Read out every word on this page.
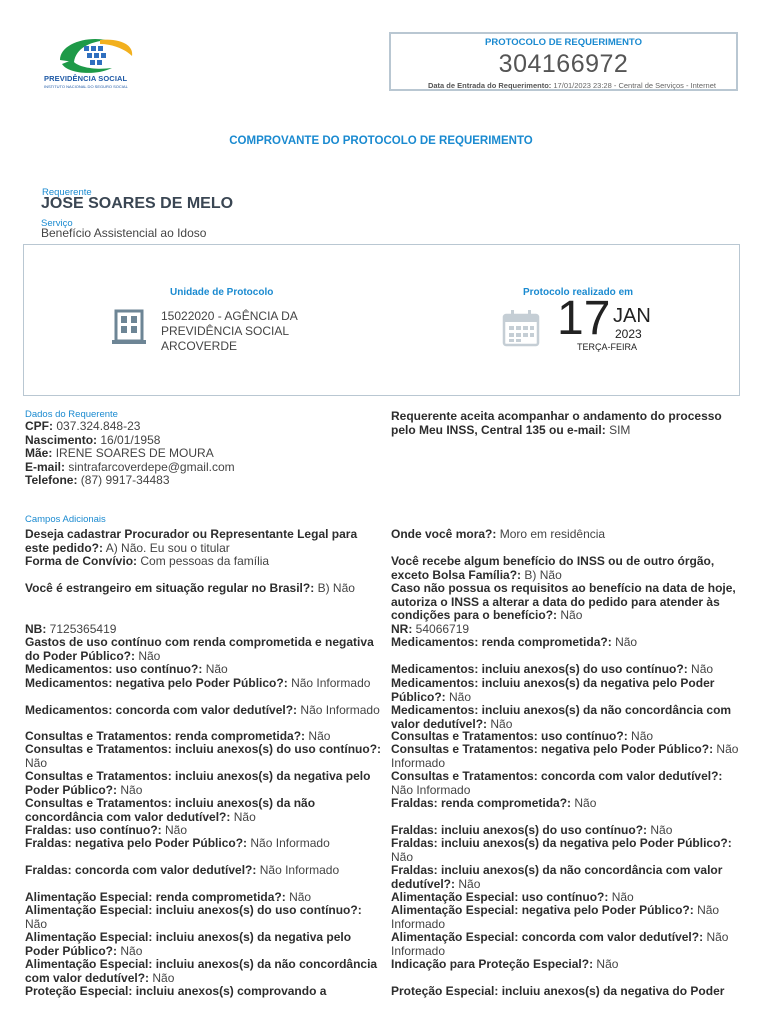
PREVIDÊNCIA SOCIAL
INSTITUTO NACIONAL DO SEGURO SOCIAL
PROTOCOLO DE REQUERIMENTO
304166972
Data de Entrada do Requerimento: 17/01/2023 23:28 - Central de Serviços - Internet
COMPROVANTE DO PROTOCOLO DE REQUERIMENTO
Requerente
JOSE SOARES DE MELO
Serviço
Benefício Assistencial ao Idoso
Unidade de Protocolo
15022020 - AGÊNCIA DA
PREVIDÊNCIA SOCIAL
ARCOVERDE
Protocolo realizado em
17 JAN
2023
TERÇA-FEIRA
Dados do Requerente
CPF: 037.324.848-23
Nascimento: 16/01/1958
Mãe: IRENE SOARES DE MOURA
E-mail: sintrafarcoverdepe@gmail.com
Telefone: (87) 9917-34483
Requerente aceita acompanhar o andamento do processo pelo Meu INSS, Central 135 ou e-mail: SIM
Campos Adicionais
Deseja cadastrar Procurador ou Representante Legal para este pedido?: A) Não. Eu sou o titular
Forma de Convívio: Com pessoas da família
Você é estrangeiro em situação regular no Brasil?: B) Não
NB: 7125365419
Gastos de uso contínuo com renda comprometida e negativa do Poder Público?: Não
Medicamentos: uso contínuo?: Não
Medicamentos: negativa pelo Poder Público?: Não Informado
Medicamentos: concorda com valor dedutível?: Não Informado
Consultas e Tratamentos: renda comprometida?: Não
Consultas e Tratamentos: incluiu anexos(s) do uso contínuo?: Não
Consultas e Tratamentos: incluiu anexos(s) da negativa pelo Poder Público?: Não
Consultas e Tratamentos: incluiu anexos(s) da não concordância com valor dedutível?: Não
Fraldas: uso contínuo?: Não
Fraldas: negativa pelo Poder Público?: Não Informado
Fraldas: concorda com valor dedutível?: Não Informado
Alimentação Especial: renda comprometida?: Não
Alimentação Especial: incluiu anexos(s) do uso contínuo?: Não
Alimentação Especial: incluiu anexos(s) da negativa pelo Poder Público?: Não
Alimentação Especial: incluiu anexos(s) da não concordância com valor dedutível?: Não
Proteção Especial: incluiu anexos(s) comprovando a
Onde você mora?: Moro em residência
Você recebe algum benefício do INSS ou de outro órgão, exceto Bolsa Família?: B) Não
Caso não possua os requisitos ao benefício na data de hoje, autoriza o INSS a alterar a data do pedido para atender às condições para o benefício?: Não
NR: 54066719
Medicamentos: renda comprometida?: Não
Medicamentos: incluiu anexos(s) do uso contínuo?: Não
Medicamentos: incluiu anexos(s) da negativa pelo Poder Público?: Não
Medicamentos: incluiu anexos(s) da não concordância com valor dedutível?: Não
Consultas e Tratamentos: uso contínuo?: Não
Consultas e Tratamentos: negativa pelo Poder Público?: Não Informado
Consultas e Tratamentos: concorda com valor dedutível?: Não Informado
Fraldas: renda comprometida?: Não
Fraldas: incluiu anexos(s) do uso contínuo?: Não
Fraldas: incluiu anexos(s) da negativa pelo Poder Público?: Não
Fraldas: incluiu anexos(s) da não concordância com valor dedutível?: Não
Alimentação Especial: uso contínuo?: Não
Alimentação Especial: negativa pelo Poder Público?: Não Informado
Alimentação Especial: concorda com valor dedutível?: Não Informado
Indicação para Proteção Especial?: Não
Proteção Especial: incluiu anexos(s) da negativa do Poder
